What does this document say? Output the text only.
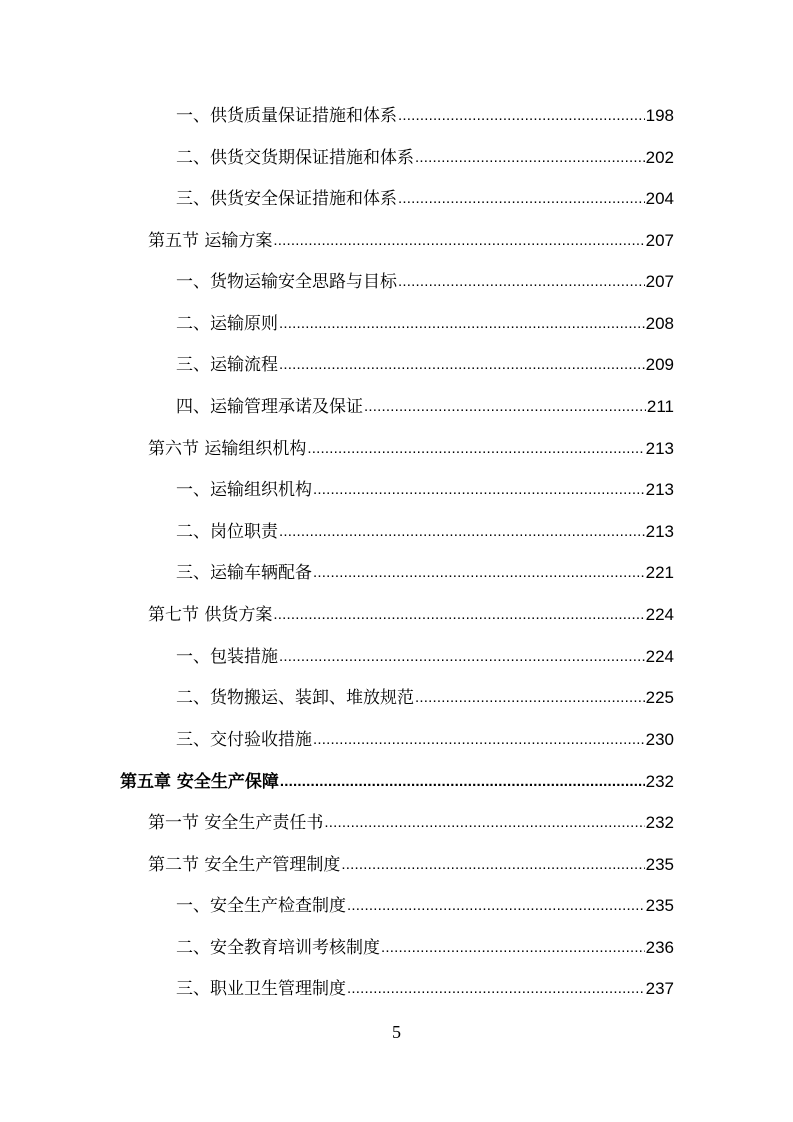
一、供货质量保证措施和体系 .....	198
二、供货交货期保证措施和体系 .....	202
三、供货安全保证措施和体系 .....	204
第五节 运输方案 .....	207
一、货物运输安全思路与目标 .....	207
二、运输原则 .....	208
三、运输流程 .....	209
四、运输管理承诺及保证 .....	211
第六节 运输组织机构 .....	213
一、运输组织机构 .....	213
二、岗位职责 .....	213
三、运输车辆配备 .....	221
第七节 供货方案 .....	224
一、包装措施 .....	224
二、货物搬运、装卸、堆放规范 .....	225
三、交付验收措施 .....	230
第五章 安全生产保障 .....	232
第一节 安全生产责任书 .....	232
第二节 安全生产管理制度 .....	235
一、安全生产检查制度 .....	235
二、安全教育培训考核制度 .....	236
三、职业卫生管理制度 .....	237
5
